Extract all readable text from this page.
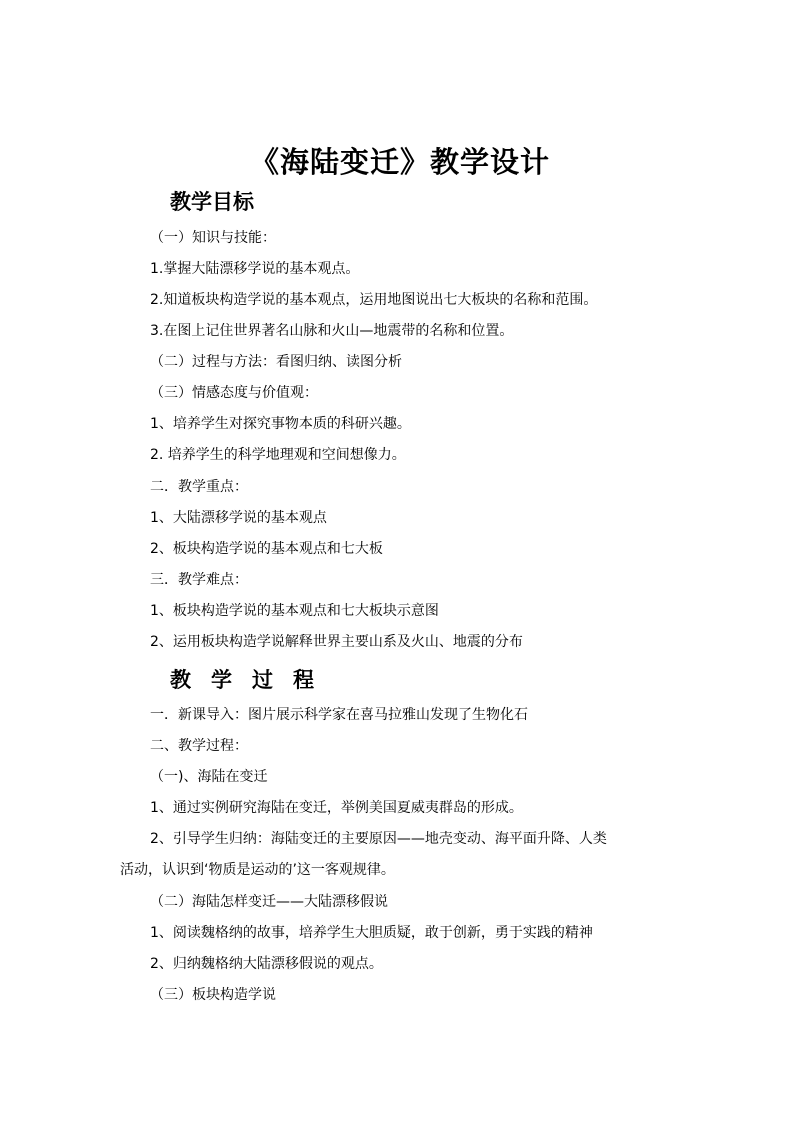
《海陆变迁》教学设计
教学目标
（一）知识与技能：
1.掌握大陆漂移学说的基本观点。
2.知道板块构造学说的基本观点，运用地图说出七大板块的名称和范围。
3.在图上记住世界著名山脉和火山—地震带的名称和位置。
（二）过程与方法：看图归纳、读图分析
（三）情感态度与价值观：
1、培养学生对探究事物本质的科研兴趣。
2. 培养学生的科学地理观和空间想像力。
二．教学重点：
1、大陆漂移学说的基本观点
2、板块构造学说的基本观点和七大板
三．教学难点：
1、板块构造学说的基本观点和七大板块示意图
2、运用板块构造学说解释世界主要山系及火山、地震的分布
教学过程
一．新课导入：图片展示科学家在喜马拉雅山发现了生物化石
二、教学过程：
（一)、海陆在变迁
1、通过实例研究海陆在变迁，举例美国夏威夷群岛的形成。
2、引导学生归纳：海陆变迁的主要原因——地壳变动、海平面升降、人类
活动，认识到‘物质是运动的’这一客观规律。
（二）海陆怎样变迁——大陆漂移假说
1、阅读魏格纳的故事，培养学生大胆质疑，敢于创新，勇于实践的精神
2、归纳魏格纳大陆漂移假说的观点。
（三）板块构造学说
